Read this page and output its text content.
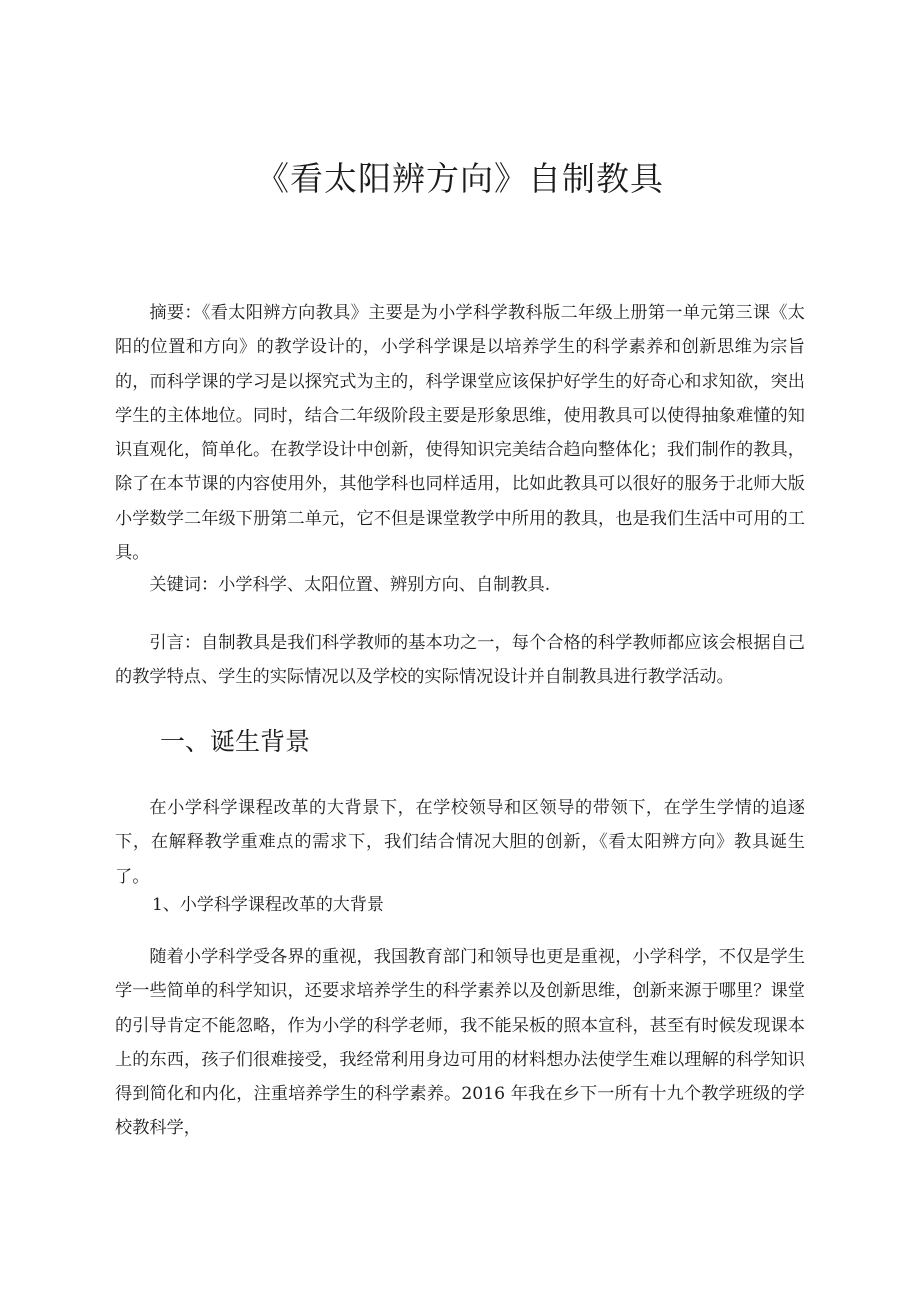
《看太阳辨方向》自制教具

摘要：《看太阳辨方向教具》主要是为小学科学教科版二年级上册第一单元第三课《太阳的位置和方向》的教学设计的，小学科学课是以培养学生的科学素养和创新思维为宗旨的，而科学课的学习是以探究式为主的，科学课堂应该保护好学生的好奇心和求知欲，突出学生的主体地位。同时，结合二年级阶段主要是形象思维，使用教具可以使得抽象难懂的知识直观化，简单化。在教学设计中创新，使得知识完美结合趋向整体化；我们制作的教具，除了在本节课的内容使用外，其他学科也同样适用，比如此教具可以很好的服务于北师大版小学数学二年级下册第二单元，它不但是课堂教学中所用的教具，也是我们生活中可用的工具。

关键词：小学科学、太阳位置、辨别方向、自制教具.

引言：自制教具是我们科学教师的基本功之一，每个合格的科学教师都应该会根据自己的教学特点、学生的实际情况以及学校的实际情况设计并自制教具进行教学活动。

一、诞生背景

在小学科学课程改革的大背景下，在学校领导和区领导的带领下，在学生学情的追逐下，在解释教学重难点的需求下，我们结合情况大胆的创新，《看太阳辨方向》教具诞生了。

1、小学科学课程改革的大背景

随着小学科学受各界的重视，我国教育部门和领导也更是重视，小学科学，不仅是学生学一些简单的科学知识，还要求培养学生的科学素养以及创新思维，创新来源于哪里？课堂的引导肯定不能忽略，作为小学的科学老师，我不能呆板的照本宣科，甚至有时候发现课本上的东西，孩子们很难接受，我经常利用身边可用的材料想办法使学生难以理解的科学知识得到简化和内化，注重培养学生的科学素养。2016 年我在乡下一所有十九个教学班级的学校教科学，
